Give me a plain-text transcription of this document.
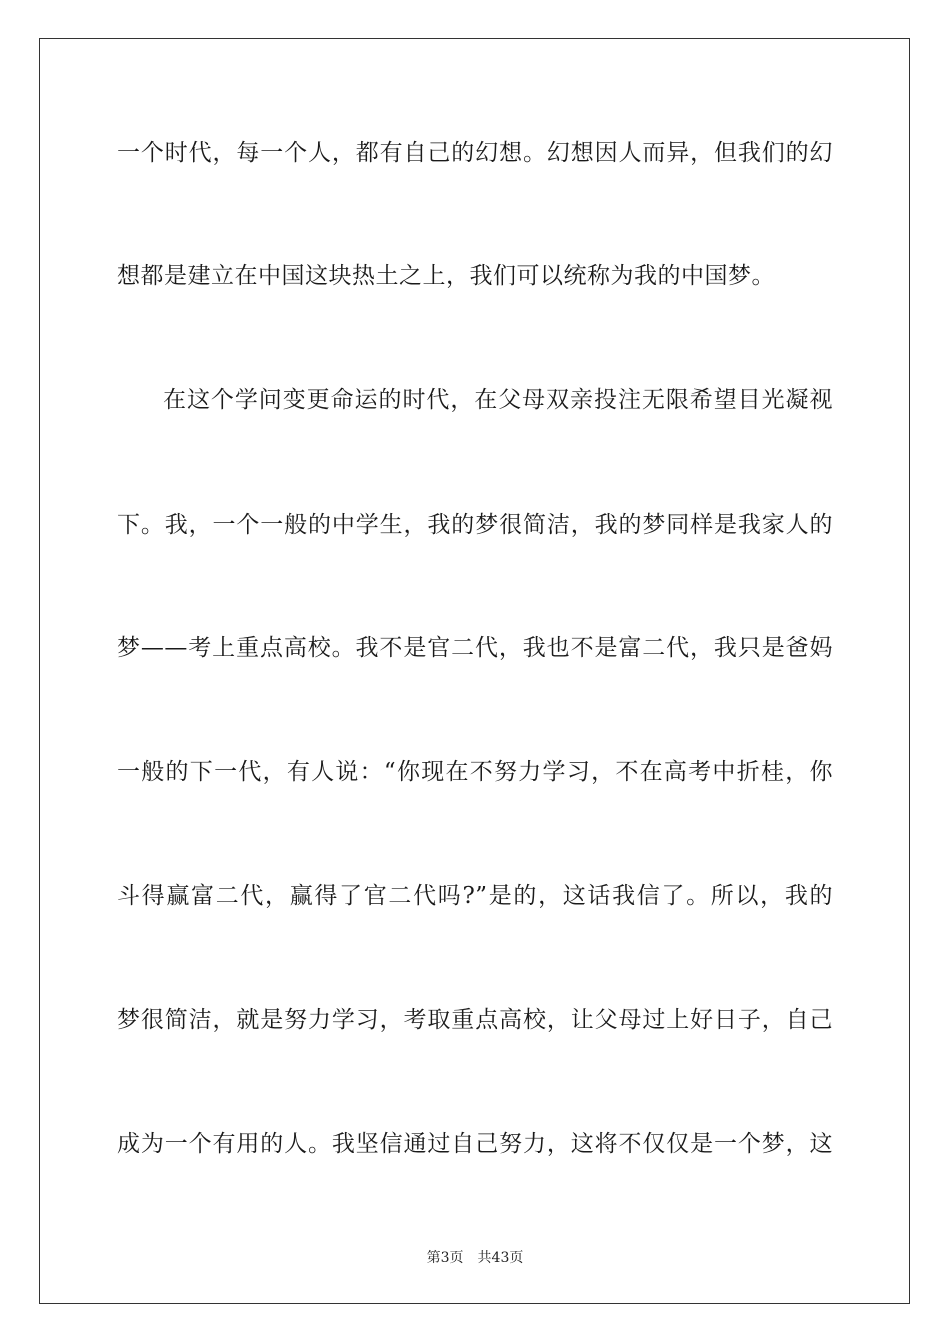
一个时代，每一个人，都有自己的幻想。幻想因人而异，但我们的幻
想都是建立在中国这块热土之上，我们可以统称为我的中国梦。
在这个学问变更命运的时代，在父母双亲投注无限希望目光凝视
下。我，一个一般的中学生，我的梦很简洁，我的梦同样是我家人的
梦——考上重点高校。我不是官二代，我也不是富二代，我只是爸妈
一般的下一代，有人说：“你现在不努力学习，不在高考中折桂，你
斗得赢富二代，赢得了官二代吗?”是的，这话我信了。所以，我的
梦很简洁，就是努力学习，考取重点高校，让父母过上好日子，自己
成为一个有用的人。我坚信通过自己努力，这将不仅仅是一个梦，这
第3页 共43页
